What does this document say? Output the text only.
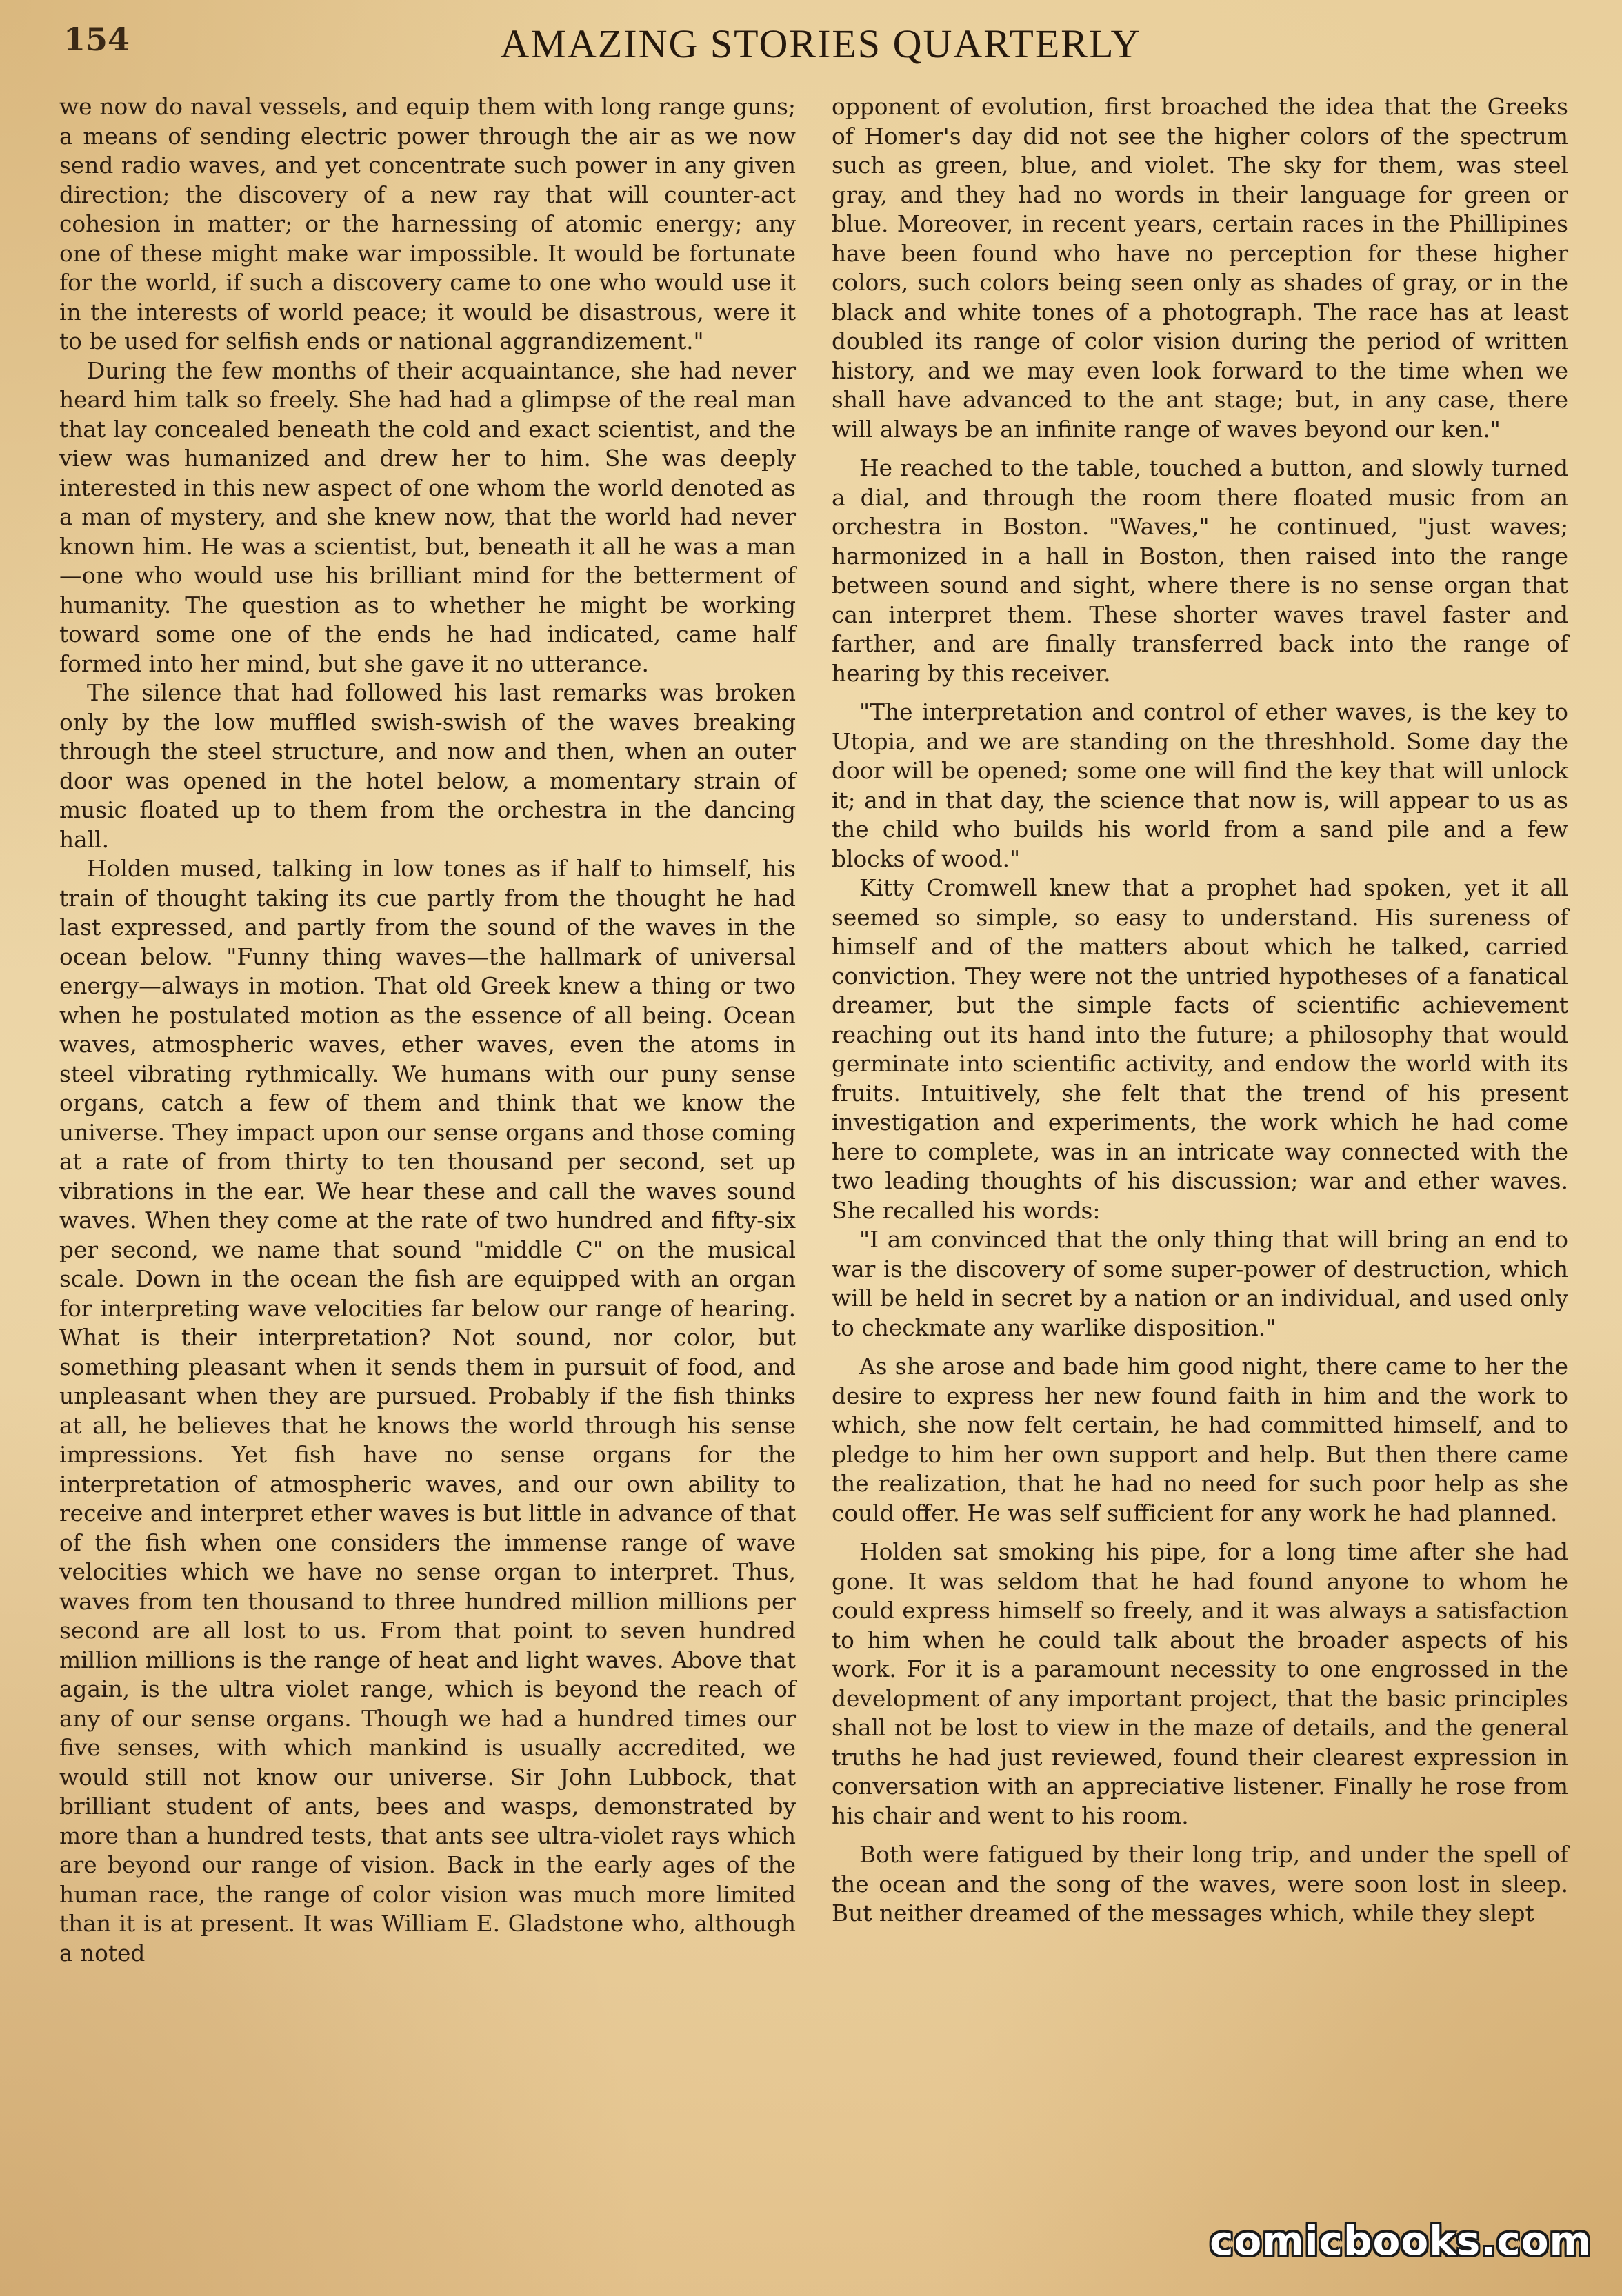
154	AMAZING STORIES QUARTERLY

we now do naval vessels, and equip them with long range guns; a means of sending electric power through the air as we now send radio waves, and yet concentrate such power in any given direction; the discovery of a new ray that will counter-act cohesion in matter; or the harnessing of atomic energy; any one of these might make war impossible. It would be fortunate for the world, if such a discovery came to one who would use it in the interests of world peace; it would be disastrous, were it to be used for selfish ends or national aggrandizement."

During the few months of their acquaintance, she had never heard him talk so freely. She had had a glimpse of the real man that lay concealed beneath the cold and exact scientist, and the view was humanized and drew her to him. She was deeply interested in this new aspect of one whom the world denoted as a man of mystery, and she knew now, that the world had never known him. He was a scientist, but, beneath it all he was a man—one who would use his brilliant mind for the betterment of humanity. The question as to whether he might be working toward some one of the ends he had indicated, came half formed into her mind, but she gave it no utterance.

The silence that had followed his last remarks was broken only by the low muffled swish-swish of the waves breaking through the steel structure, and now and then, when an outer door was opened in the hotel below, a momentary strain of music floated up to them from the orchestra in the dancing hall.

Holden mused, talking in low tones as if half to himself, his train of thought taking its cue partly from the thought he had last expressed, and partly from the sound of the waves in the ocean below. "Funny thing waves—the hallmark of universal energy—always in motion. That old Greek knew a thing or two when he postulated motion as the essence of all being. Ocean waves, atmospheric waves, ether waves, even the atoms in steel vibrating rythmically. We humans with our puny sense organs, catch a few of them and think that we know the universe. They impact upon our sense organs and those coming at a rate of from thirty to ten thousand per second, set up vibrations in the ear. We hear these and call the waves sound waves. When they come at the rate of two hundred and fifty-six per second, we name that sound "middle C" on the musical scale. Down in the ocean the fish are equipped with an organ for interpreting wave velocities far below our range of hearing. What is their interpretation? Not sound, nor color, but something pleasant when it sends them in pursuit of food, and unpleasant when they are pursued. Probably if the fish thinks at all, he believes that he knows the world through his sense impressions. Yet fish have no sense organs for the interpretation of atmospheric waves, and our own ability to receive and interpret ether waves is but little in advance of that of the fish when one considers the immense range of wave velocities which we have no sense organ to interpret. Thus, waves from ten thousand to three hundred million millions per second are all lost to us. From that point to seven hundred million millions is the range of heat and light waves. Above that again, is the ultra violet range, which is beyond the reach of any of our sense organs. Though we had a hundred times our five senses, with which mankind is usually accredited, we would still not know our universe. Sir John Lubbock, that brilliant student of ants, bees and wasps, demonstrated by more than a hundred tests, that ants see ultra-violet rays which are beyond our range of vision. Back in the early ages of the human race, the range of color vision was much more limited than it is at present. It was William E. Gladstone who, although a noted

opponent of evolution, first broached the idea that the Greeks of Homer's day did not see the higher colors of the spectrum such as green, blue, and violet. The sky for them, was steel gray, and they had no words in their language for green or blue. Moreover, in recent years, certain races in the Phillipines have been found who have no perception for these higher colors, such colors being seen only as shades of gray, or in the black and white tones of a photograph. The race has at least doubled its range of color vision during the period of written history, and we may even look forward to the time when we shall have advanced to the ant stage; but, in any case, there will always be an infinite range of waves beyond our ken."

He reached to the table, touched a button, and slowly turned a dial, and through the room there floated music from an orchestra in Boston. "Waves," he continued, "just waves; harmonized in a hall in Boston, then raised into the range between sound and sight, where there is no sense organ that can interpret them. These shorter waves travel faster and farther, and are finally transferred back into the range of hearing by this receiver.

"The interpretation and control of ether waves, is the key to Utopia, and we are standing on the threshhold. Some day the door will be opened; some one will find the key that will unlock it; and in that day, the science that now is, will appear to us as the child who builds his world from a sand pile and a few blocks of wood."

Kitty Cromwell knew that a prophet had spoken, yet it all seemed so simple, so easy to understand. His sureness of himself and of the matters about which he talked, carried conviction. They were not the untried hypotheses of a fanatical dreamer, but the simple facts of scientific achievement reaching out its hand into the future; a philosophy that would germinate into scientific activity, and endow the world with its fruits. Intuitively, she felt that the trend of his present investigation and experiments, the work which he had come here to complete, was in an intricate way connected with the two leading thoughts of his discussion; war and ether waves. She recalled his words:

"I am convinced that the only thing that will bring an end to war is the discovery of some super-power of destruction, which will be held in secret by a nation or an individual, and used only to checkmate any warlike disposition."

As she arose and bade him good night, there came to her the desire to express her new found faith in him and the work to which, she now felt certain, he had committed himself, and to pledge to him her own support and help. But then there came the realization, that he had no need for such poor help as she could offer. He was self sufficient for any work he had planned.

Holden sat smoking his pipe, for a long time after she had gone. It was seldom that he had found anyone to whom he could express himself so freely, and it was always a satisfaction to him when he could talk about the broader aspects of his work. For it is a paramount necessity to one engrossed in the development of any important project, that the basic principles shall not be lost to view in the maze of details, and the general truths he had just reviewed, found their clearest expression in conversation with an appreciative listener. Finally he rose from his chair and went to his room.

Both were fatigued by their long trip, and under the spell of the ocean and the song of the waves, were soon lost in sleep. But neither dreamed of the messages which, while they slept

comicbooks.com
